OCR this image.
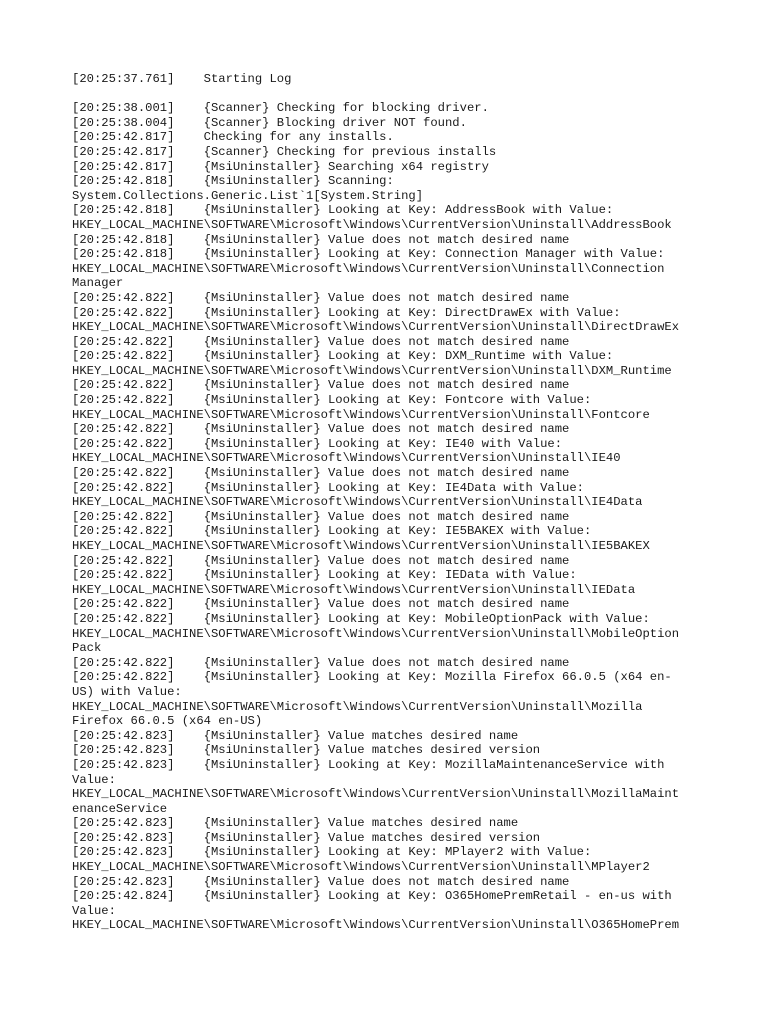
[20:25:37.761]    Starting Log
[20:25:38.001]    {Scanner} Checking for blocking driver.
[20:25:38.004]    {Scanner} Blocking driver NOT found.
[20:25:42.817]    Checking for any installs.
[20:25:42.817]    {Scanner} Checking for previous installs
[20:25:42.817]    {MsiUninstaller} Searching x64 registry
[20:25:42.818]    {MsiUninstaller} Scanning:
System.Collections.Generic.List`1[System.String]
[20:25:42.818]    {MsiUninstaller} Looking at Key: AddressBook with Value:
HKEY_LOCAL_MACHINE\SOFTWARE\Microsoft\Windows\CurrentVersion\Uninstall\AddressBook
[20:25:42.818]    {MsiUninstaller} Value does not match desired name
[20:25:42.818]    {MsiUninstaller} Looking at Key: Connection Manager with Value:
HKEY_LOCAL_MACHINE\SOFTWARE\Microsoft\Windows\CurrentVersion\Uninstall\Connection
Manager
[20:25:42.822]    {MsiUninstaller} Value does not match desired name
[20:25:42.822]    {MsiUninstaller} Looking at Key: DirectDrawEx with Value:
HKEY_LOCAL_MACHINE\SOFTWARE\Microsoft\Windows\CurrentVersion\Uninstall\DirectDrawEx
[20:25:42.822]    {MsiUninstaller} Value does not match desired name
[20:25:42.822]    {MsiUninstaller} Looking at Key: DXM_Runtime with Value:
HKEY_LOCAL_MACHINE\SOFTWARE\Microsoft\Windows\CurrentVersion\Uninstall\DXM_Runtime
[20:25:42.822]    {MsiUninstaller} Value does not match desired name
[20:25:42.822]    {MsiUninstaller} Looking at Key: Fontcore with Value:
HKEY_LOCAL_MACHINE\SOFTWARE\Microsoft\Windows\CurrentVersion\Uninstall\Fontcore
[20:25:42.822]    {MsiUninstaller} Value does not match desired name
[20:25:42.822]    {MsiUninstaller} Looking at Key: IE40 with Value:
HKEY_LOCAL_MACHINE\SOFTWARE\Microsoft\Windows\CurrentVersion\Uninstall\IE40
[20:25:42.822]    {MsiUninstaller} Value does not match desired name
[20:25:42.822]    {MsiUninstaller} Looking at Key: IE4Data with Value:
HKEY_LOCAL_MACHINE\SOFTWARE\Microsoft\Windows\CurrentVersion\Uninstall\IE4Data
[20:25:42.822]    {MsiUninstaller} Value does not match desired name
[20:25:42.822]    {MsiUninstaller} Looking at Key: IE5BAKEX with Value:
HKEY_LOCAL_MACHINE\SOFTWARE\Microsoft\Windows\CurrentVersion\Uninstall\IE5BAKEX
[20:25:42.822]    {MsiUninstaller} Value does not match desired name
[20:25:42.822]    {MsiUninstaller} Looking at Key: IEData with Value:
HKEY_LOCAL_MACHINE\SOFTWARE\Microsoft\Windows\CurrentVersion\Uninstall\IEData
[20:25:42.822]    {MsiUninstaller} Value does not match desired name
[20:25:42.822]    {MsiUninstaller} Looking at Key: MobileOptionPack with Value:
HKEY_LOCAL_MACHINE\SOFTWARE\Microsoft\Windows\CurrentVersion\Uninstall\MobileOption
Pack
[20:25:42.822]    {MsiUninstaller} Value does not match desired name
[20:25:42.822]    {MsiUninstaller} Looking at Key: Mozilla Firefox 66.0.5 (x64 en-
US) with Value:
HKEY_LOCAL_MACHINE\SOFTWARE\Microsoft\Windows\CurrentVersion\Uninstall\Mozilla
Firefox 66.0.5 (x64 en-US)
[20:25:42.823]    {MsiUninstaller} Value matches desired name
[20:25:42.823]    {MsiUninstaller} Value matches desired version
[20:25:42.823]    {MsiUninstaller} Looking at Key: MozillaMaintenanceService with
Value:
HKEY_LOCAL_MACHINE\SOFTWARE\Microsoft\Windows\CurrentVersion\Uninstall\MozillaMaint
enanceService
[20:25:42.823]    {MsiUninstaller} Value matches desired name
[20:25:42.823]    {MsiUninstaller} Value matches desired version
[20:25:42.823]    {MsiUninstaller} Looking at Key: MPlayer2 with Value:
HKEY_LOCAL_MACHINE\SOFTWARE\Microsoft\Windows\CurrentVersion\Uninstall\MPlayer2
[20:25:42.823]    {MsiUninstaller} Value does not match desired name
[20:25:42.824]    {MsiUninstaller} Looking at Key: O365HomePremRetail - en-us with
Value:
HKEY_LOCAL_MACHINE\SOFTWARE\Microsoft\Windows\CurrentVersion\Uninstall\O365HomePrem
